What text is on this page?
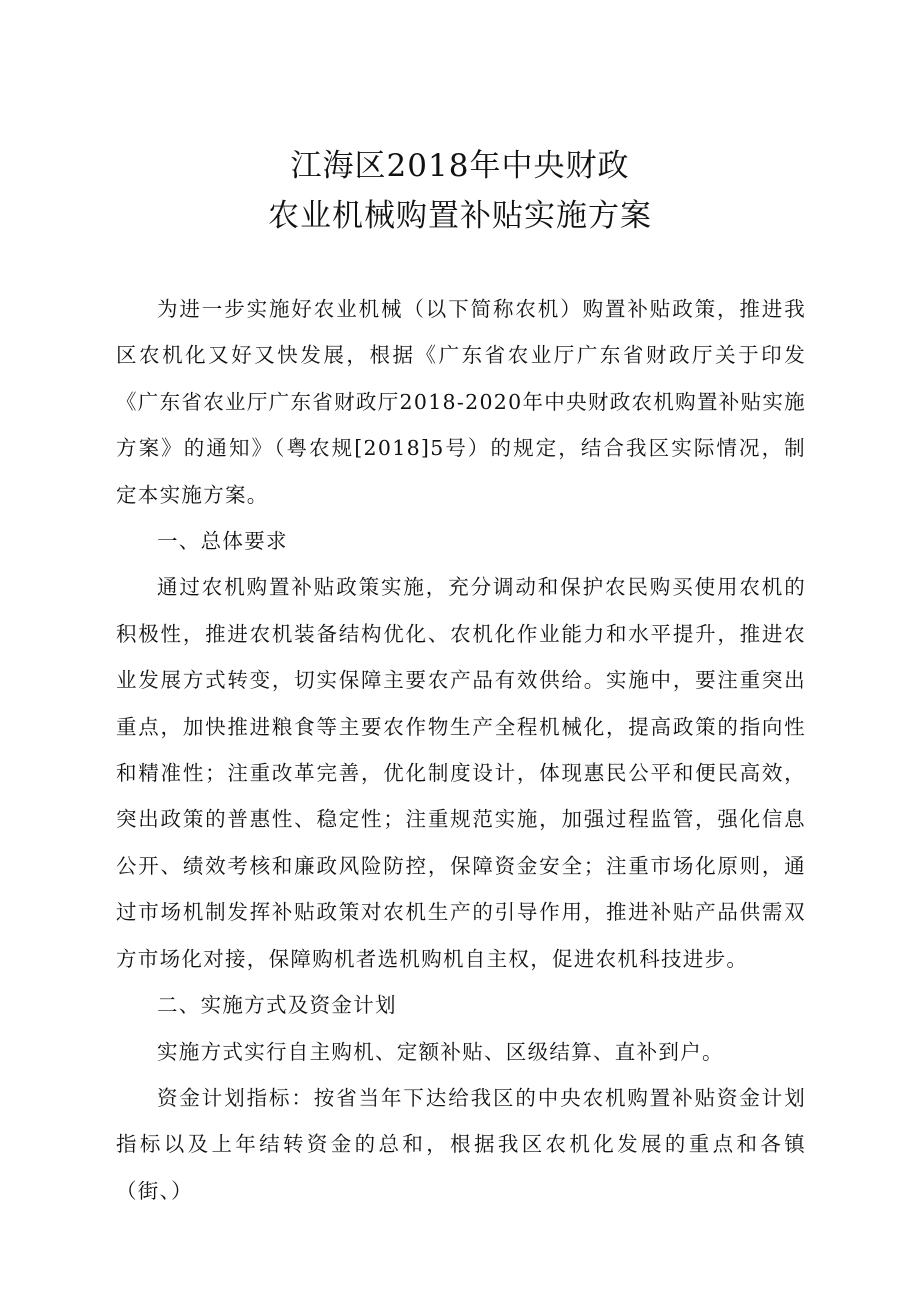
江海区2018年中央财政
农业机械购置补贴实施方案

为进一步实施好农业机械（以下简称农机）购置补贴政策，推进我区农机化又好又快发展，根据《广东省农业厅广东省财政厅关于印发《广东省农业厅广东省财政厅2018-2020年中央财政农机购置补贴实施方案》的通知》（粤农规[2018]5号）的规定，结合我区实际情况，制定本实施方案。

一、总体要求

通过农机购置补贴政策实施，充分调动和保护农民购买使用农机的积极性，推进农机装备结构优化、农机化作业能力和水平提升，推进农业发展方式转变，切实保障主要农产品有效供给。实施中，要注重突出重点，加快推进粮食等主要农作物生产全程机械化，提高政策的指向性和精准性；注重改革完善，优化制度设计，体现惠民公平和便民高效，突出政策的普惠性、稳定性；注重规范实施，加强过程监管，强化信息公开、绩效考核和廉政风险防控，保障资金安全；注重市场化原则，通过市场机制发挥补贴政策对农机生产的引导作用，推进补贴产品供需双方市场化对接，保障购机者选机购机自主权，促进农机科技进步。

二、实施方式及资金计划

实施方式实行自主购机、定额补贴、区级结算、直补到户。

资金计划指标：按省当年下达给我区的中央农机购置补贴资金计划指标以及上年结转资金的总和，根据我区农机化发展的重点和各镇（街、）
